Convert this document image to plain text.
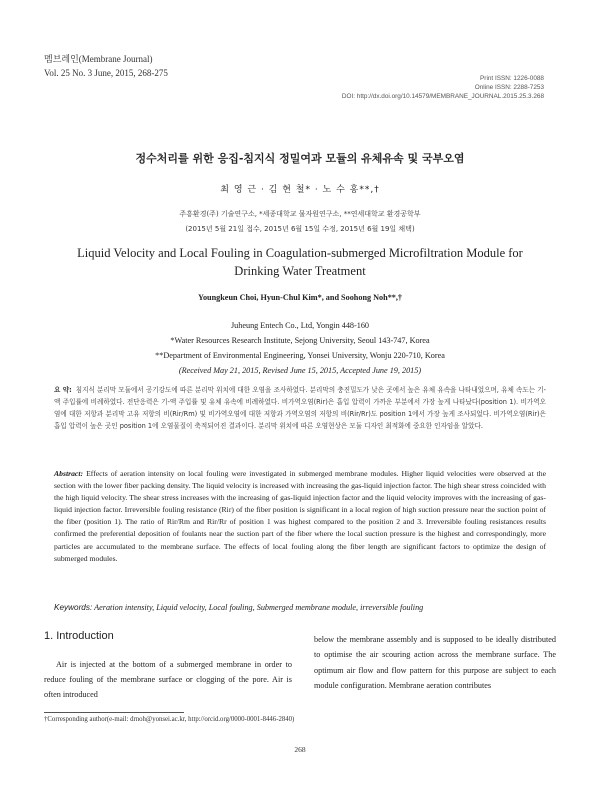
멤브레인(Membrane Journal)
Vol. 25 No. 3 June, 2015, 268-275
Print ISSN: 1226-0088
Online ISSN: 2288-7253
DOI: http://dx.doi.org/10.14579/MEMBRANE_JOURNAL.2015.25.3.268
정수처리를 위한 응집-침지식 정밀여과 모듈의 유체유속 및 국부오염
최 영 근 · 김 현 철* · 노 수 홍**,†
주흥환경(주) 기술연구소, *세종대학교 물자원연구소, **연세대학교 환경공학부
(2015년 5월 21일 접수, 2015년 6월 15일 수정, 2015년 6월 19일 채택)
Liquid Velocity and Local Fouling in Coagulation-submerged Microfiltration Module for Drinking Water Treatment
Youngkeun Choi, Hyun-Chul Kim*, and Soohong Noh**,†
Juheung Entech Co., Ltd, Yongin 448-160
*Water Resources Research Institute, Sejong University, Seoul 143-747, Korea
**Department of Environmental Engineering, Yonsei University, Wonju 220-710, Korea
(Received May 21, 2015, Revised June 15, 2015, Accepted June 19, 2015)
요 약: 침지식 분리막 모듈에서 공기강도에 따른 분리막 위치에 대한 오염을 조사하였다. 분리막의 충진밀도가 낮은 곳에서 높은 유체 유속을 나타내었으며, 유체 속도는 기-액 주입률에 비례하였다. 전단응력은 기-액 주입률 및 유체 유속에 비례하였다. 비가역오염(Rir)은 흡입 압력이 가까운 부분에서 가장 높게 나타났다(position 1). 비가역오염에 대한 저항과 분리막 고유 저항의 비(Rir/Rm) 및 비가역오염에 대한 저항과 가역오염의 저항의 비(Rir/Rr)도 position 1에서 가장 높게 조사되었다. 비가역오염(Rir)은 흡입 압력이 높은 곳인 position 1에 오염물질이 축적되어진 결과이다. 분리막 위치에 따른 오염현상은 모듈 디자인 최적화에 중요한 인자임을 알았다.
Abstract: Effects of aeration intensity on local fouling were investigated in submerged membrane modules. Higher liquid velocities were observed at the section with the lower fiber packing density. The liquid velocity is increased with increasing the gas-liquid injection factor. The high shear stress coincided with the high liquid velocity. The shear stress increases with the increasing of gas-liquid injection factor and the liquid velocity improves with the increasing of gas-liquid injection factor. Irreversible fouling resistance (Rir) of the fiber position is significant in a local region of high suction pressure near the suction point of the fiber (position 1). The ratio of Rir/Rm and Rir/Rr of position 1 was highest compared to the position 2 and 3. Irreversible fouling resistances results confirmed the preferential deposition of foulants near the suction part of the fiber where the local suction pressure is the highest and correspondingly, more particles are accumulated to the membrane surface. The effects of local fouling along the fiber length are significant factors to optimize the design of submerged modules.
Keywords: Aeration intensity, Liquid velocity, Local fouling, Submerged membrane module, irreversible fouling
1. Introduction
Air is injected at the bottom of a submerged membrane in order to reduce fouling of the membrane surface or clogging of the pore. Air is often introduced
below the membrane assembly and is supposed to be ideally distributed to optimise the air scouring action across the membrane surface. The optimum air flow and flow pattern for this purpose are subject to each module configuration. Membrane aeration contributes
†Corresponding author(e-mail: drnoh@yonsei.ac.kr, http://orcid.org/0000-0001-8446-2840)
268
